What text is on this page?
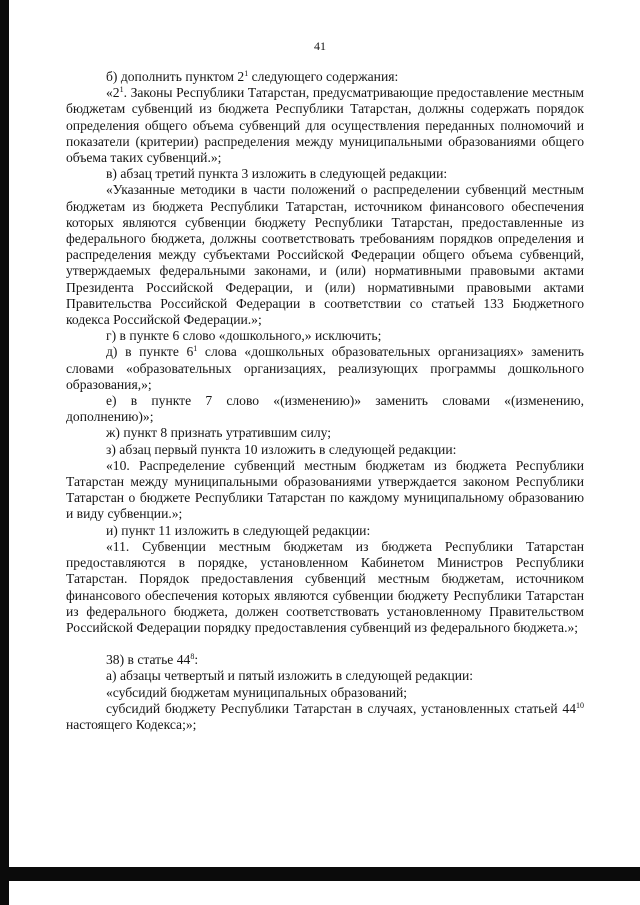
41

б) дополнить пунктом $2^1$ следующего содержания:

«$2^1$. Законы Республики Татарстан, предусматривающие предоставление местным бюджетам субвенций из бюджета Республики Татарстан, должны содержать порядок определения общего объема субвенций для осуществления переданных полномочий и показатели (критерии) распределения между муниципальными образованиями общего объема таких субвенций.»;

в) абзац третий пункта 3 изложить в следующей редакции:

«Указанные методики в части положений о распределении субвенций местным бюджетам из бюджета Республики Татарстан, источником финансового обеспечения которых являются субвенции бюджету Республики Татарстан, предоставленные из федерального бюджета, должны соответствовать требованиям порядков определения и распределения между субъектами Российской Федерации общего объема субвенций, утверждаемых федеральными законами, и (или) нормативными правовыми актами Президента Российской Федерации, и (или) нормативными правовыми актами Правительства Российской Федерации в соответствии со статьей 133 Бюджетного кодекса Российской Федерации.»;

г) в пункте 6 слово «дошкольного,» исключить;

д) в пункте $6^1$ слова «дошкольных образовательных организациях» заменить словами «образовательных организациях, реализующих программы дошкольного образования,»;

е) в пункте 7 слово «(изменению)» заменить словами «(изменению, дополнению)»;

ж) пункт 8 признать утратившим силу;

з) абзац первый пункта 10 изложить в следующей редакции:

«10. Распределение субвенций местным бюджетам из бюджета Республики Татарстан между муниципальными образованиями утверждается законом Республики Татарстан о бюджете Республики Татарстан по каждому муниципальному образованию и виду субвенции.»;

и) пункт 11 изложить в следующей редакции:

«11. Субвенции местным бюджетам из бюджета Республики Татарстан предоставляются в порядке, установленном Кабинетом Министров Республики Татарстан. Порядок предоставления субвенций местным бюджетам, источником финансового обеспечения которых являются субвенции бюджету Республики Татарстан из федерального бюджета, должен соответствовать установленному Правительством Российской Федерации порядку предоставления субвенций из федерального бюджета.»;

38) в статье $44^8$:

а) абзацы четвертый и пятый изложить в следующей редакции:

«субсидий бюджетам муниципальных образований;

субсидий бюджету Республики Татарстан в случаях, установленных статьей $44^{10}$ настоящего Кодекса;»;
